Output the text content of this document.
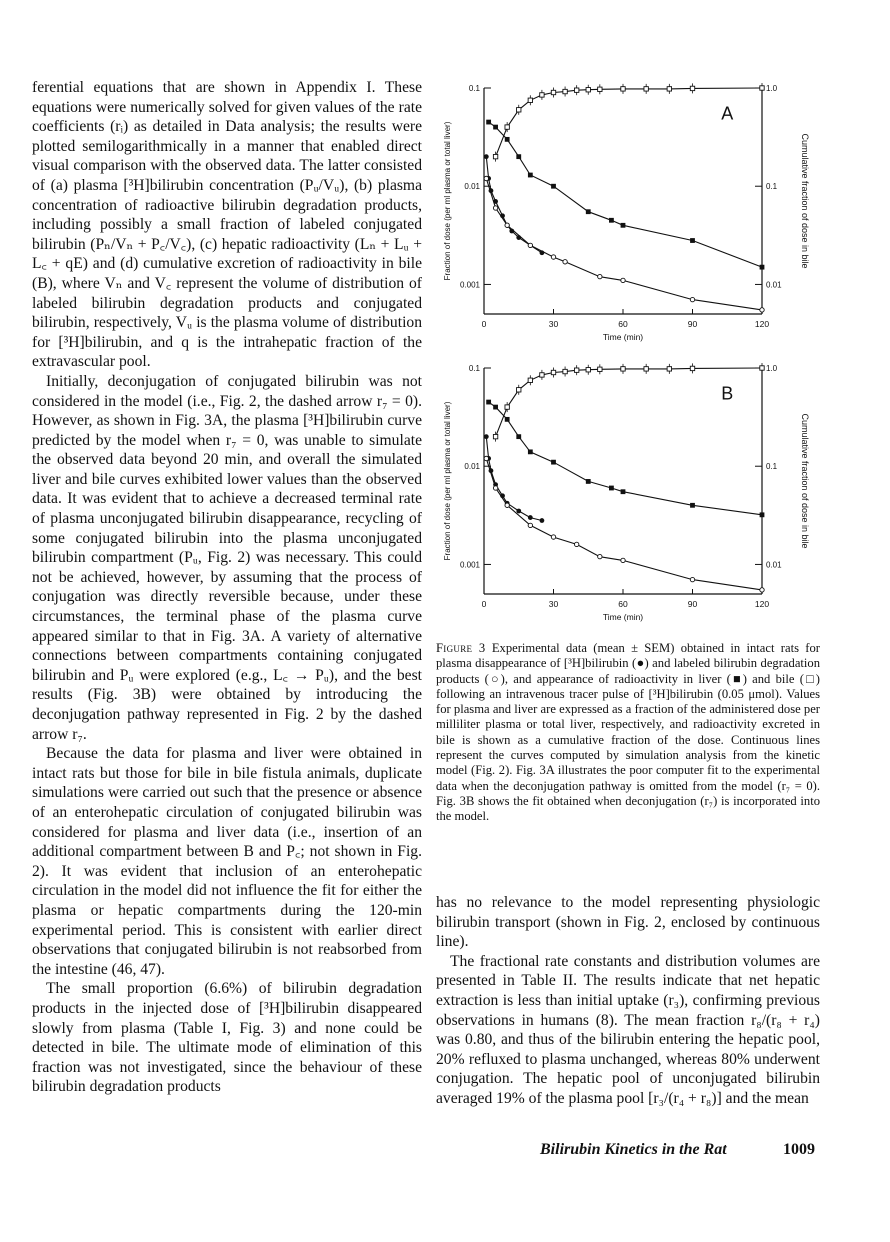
ferential equations that are shown in Appendix I. These equations were numerically solved for given values of the rate coefficients (rᵢ) as detailed in Data analysis; the results were plotted semilogarithmically in a manner that enabled direct visual comparison with the observed data. The latter consisted of (a) plasma [³H]bilirubin concentration (Pᵤ/Vᵤ), (b) plasma concentration of radioactive bilirubin degradation products, including possibly a small fraction of labeled conjugated bilirubin (Pₙ/Vₙ + P꜀/V꜀), (c) hepatic radioactivity (Lₙ + Lᵤ + L꜀ + qE) and (d) cumulative excretion of radioactivity in bile (B), where Vₙ and V꜀ represent the volume of distribution of labeled bilirubin degradation products and conjugated bilirubin, respectively, Vᵤ is the plasma volume of distribution for [³H]bilirubin, and q is the intrahepatic fraction of the extravascular pool.

Initially, deconjugation of conjugated bilirubin was not considered in the model (i.e., Fig. 2, the dashed arrow r₇ = 0). However, as shown in Fig. 3A, the plasma [³H]bilirubin curve predicted by the model when r₇ = 0, was unable to simulate the observed data beyond 20 min, and overall the simulated liver and bile curves exhibited lower values than the observed data. It was evident that to achieve a decreased terminal rate of plasma unconjugated bilirubin disappearance, recycling of some conjugated bilirubin into the plasma unconjugated bilirubin compartment (Pᵤ, Fig. 2) was necessary. This could not be achieved, however, by assuming that the process of conjugation was directly reversible because, under these circumstances, the terminal phase of the plasma curve appeared similar to that in Fig. 3A. A variety of alternative connections between compartments containing conjugated bilirubin and Pᵤ were explored (e.g., L꜀ → Pᵤ), and the best results (Fig. 3B) were obtained by introducing the deconjugation pathway represented in Fig. 2 by the dashed arrow r₇.

Because the data for plasma and liver were obtained in intact rats but those for bile in bile fistula animals, duplicate simulations were carried out such that the presence or absence of an enterohepatic circulation of conjugated bilirubin was considered for plasma and liver data (i.e., insertion of an additional compartment between B and P꜀; not shown in Fig. 2). It was evident that inclusion of an enterohepatic circulation in the model did not influence the fit for either the plasma or hepatic compartments during the 120-min experimental period. This is consistent with earlier direct observations that conjugated bilirubin is not reabsorbed from the intestine (46, 47).

The small proportion (6.6%) of bilirubin degradation products in the injected dose of [³H]bilirubin disappeared slowly from plasma (Table I, Fig. 3) and none could be detected in bile. The ultimate mode of elimination of this fraction was not investigated, since the behaviour of these bilirubin degradation products

0.1
0.01
0.001
1.0
0.1
0.01
0	30	60	90	120
Time (min)
Fraction of dose (per ml plasma or total liver)	Cumulative fraction of dose in bile
A
0.1
0.01
0.001
1.0
0.1
0.01
0	30	60	90	120
Time (min)
Fraction of dose (per ml plasma or total liver)	Cumulative fraction of dose in bile
B
Figure 3 Experimental data (mean ± SEM) obtained in intact rats for plasma disappearance of [³H]bilirubin (●) and labeled bilirubin degradation products (○), and appearance of radioactivity in liver (■) and bile (□) following an intravenous tracer pulse of [³H]bilirubin (0.05 μmol). Values for plasma and liver are expressed as a fraction of the administered dose per milliliter plasma or total liver, respectively, and radioactivity excreted in bile is shown as a cumulative fraction of the dose. Continuous lines represent the curves computed by simulation analysis from the kinetic model (Fig. 2). Fig. 3A illustrates the poor computer fit to the experimental data when the deconjugation pathway is omitted from the model (r₇ = 0). Fig. 3B shows the fit obtained when deconjugation (r₇) is incorporated into the model.

has no relevance to the model representing physiologic bilirubin transport (shown in Fig. 2, enclosed by continuous line).

The fractional rate constants and distribution volumes are presented in Table II. The results indicate that net hepatic extraction is less than initial uptake (r₃), confirming previous observations in humans (8). The mean fraction r₈/(r₈ + r₄) was 0.80, and thus of the bilirubin entering the hepatic pool, 20% refluxed to plasma unchanged, whereas 80% underwent conjugation. The hepatic pool of unconjugated bilirubin averaged 19% of the plasma pool [r₃/(r₄ + r₈)] and the mean

Bilirubin Kinetics in the Rat	1009
